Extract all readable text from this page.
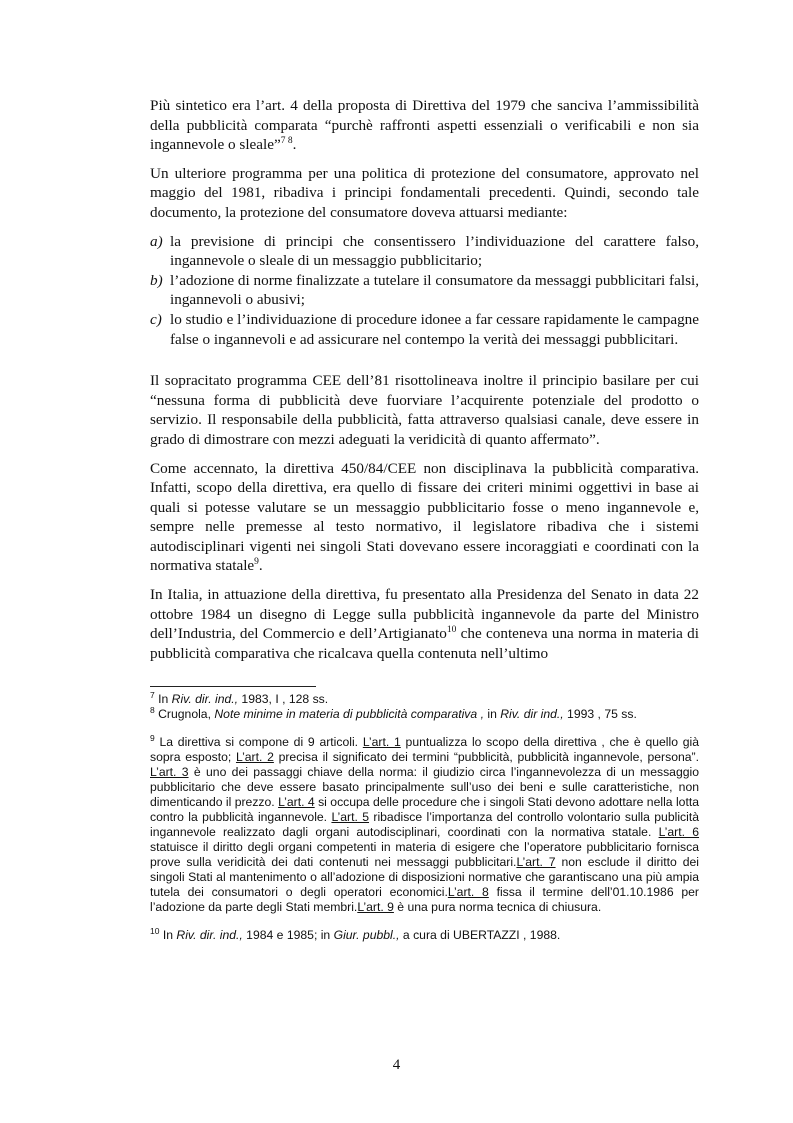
Più sintetico era l’art. 4 della proposta di Direttiva del 1979 che sanciva l’ammissibilità della pubblicità comparata “purchè raffronti aspetti essenziali o verificabili e non sia ingannevole o sleale”$^{7 8}$.

Un ulteriore programma per una politica di protezione del consumatore, approvato nel maggio del 1981, ribadiva i principi fondamentali precedenti. Quindi, secondo tale documento, la protezione del consumatore doveva attuarsi mediante:

a) la previsione di principi che consentissero l’individuazione del carattere falso, ingannevole o sleale di un messaggio pubblicitario;
b) l’adozione di norme finalizzate a tutelare il consumatore da messaggi pubblicitari falsi, ingannevoli o abusivi;
c) lo studio e l’individuazione di procedure idonee a far cessare rapidamente le campagne false o ingannevoli e ad assicurare nel contempo la verità dei messaggi pubblicitari.

Il sopracitato programma CEE dell’81 risottolineava inoltre il principio basilare per cui “nessuna forma di pubblicità deve fuorviare l’acquirente potenziale del prodotto o servizio. Il responsabile della pubblicità, fatta attraverso qualsiasi canale, deve essere in grado di dimostrare con mezzi adeguati la veridicità di quanto affermato”.

Come accennato, la direttiva 450/84/CEE non disciplinava la pubblicità comparativa. Infatti, scopo della direttiva, era quello di fissare dei criteri minimi oggettivi in base ai quali si potesse valutare se un messaggio pubblicitario fosse o meno ingannevole e, sempre nelle premesse al testo normativo, il legislatore ribadiva che i sistemi autodisciplinari vigenti nei singoli Stati dovevano essere incoraggiati e coordinati con la normativa statale$^9$.

In Italia, in attuazione della direttiva, fu presentato alla Presidenza del Senato in data 22 ottobre 1984 un disegno di Legge sulla pubblicità ingannevole da parte del Ministro dell’Industria, del Commercio e dell’Artigianato$^{10}$ che conteneva una norma in materia di pubblicità comparativa che ricalcava quella contenuta nell’ultimo

$^7$ In Riv. dir. ind., 1983, I , 128 ss.

$^8$ Crugnola, Note minime in materia di pubblicità comparativa , in Riv. dir ind., 1993 , 75 ss.

$^9$ La direttiva si compone di 9 articoli. L’art. 1 puntualizza lo scopo della direttiva , che è quello già sopra esposto; L’art. 2 precisa il significato dei termini “pubblicità, pubblicità ingannevole, persona”. L’art. 3 è uno dei passaggi chiave della norma: il giudizio circa l’ingannevolezza di un messaggio pubblicitario che deve essere basato principalmente sull’uso dei beni e sulle caratteristiche, non dimenticando il prezzo. L’art. 4 si occupa delle procedure che i singoli Stati devono adottare nella lotta contro la pubblicità ingannevole. L’art. 5 ribadisce l’importanza del controllo volontario sulla publicità ingannevole realizzato dagli organi autodisciplinari, coordinati con la normativa statale. L’art. 6 statuisce il diritto degli organi competenti in materia di esigere che l’operatore pubblicitario fornisca prove sulla veridicità dei dati contenuti nei messaggi pubblicitari.L’art. 7 non esclude il diritto dei singoli Stati al mantenimento o all’adozione di disposizioni normative che garantiscano una più ampia tutela dei consumatori o degli operatori economici.L’art. 8 fissa il termine dell’01.10.1986 per l’adozione da parte degli Stati membri.L’art. 9 è una pura norma tecnica di chiusura.

$^{10}$ In Riv. dir. ind., 1984 e 1985; in Giur. pubbl., a cura di UBERTAZZI , 1988.

4
